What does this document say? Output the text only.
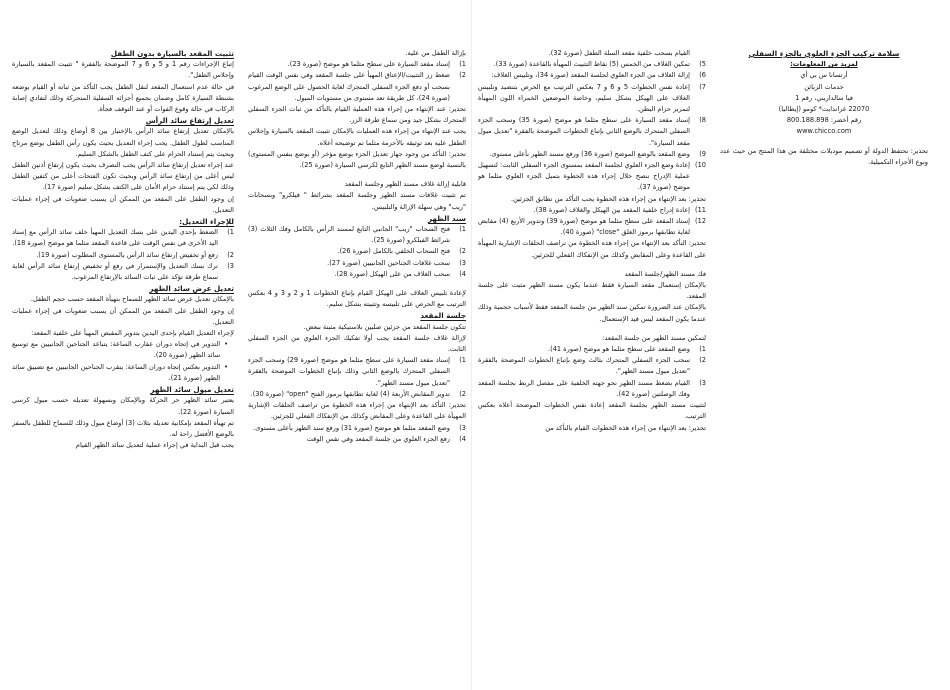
سلامة تركيب الجزء العلوي بالجزء السفلي

لمزيد من المعلومات:

أرتسانا س بي أي

خدمات الزبائن

فيا سالداريني، رقم 1

22070 غراندايت* كومو (إيطاليا)

رقم أخضر: 800.188.898

www.chicco.com

تحذير: تحتفظ الدولة أو تصميم موديلات مختلفة من هذا المنتج من حيث عدد ونوع الأجزاء التكميلية.

القيام بسحب خلفية مقعد السلة الطفل (صورة 32).
5)
تمكين الغلاف من الخمس (5) نقاط التثبيت المهيأة بالقاعدة (صورة 33).
6)
إزالة الغلاف من الجزء العلوي لجلسة المقعد (صورة 34)، وتلبيس الغلاف:
7)
إعادة نفس الخطوات 5 و 6 و 7 بعكس الترتيب مع الحرص بتنضيد وتلبيس الغلاف على الهيكل بشكل سليم، وخاصة الموضعين الخمراء اللون المهيأة لتمرير حزام البطن.
8)
إسناد مقعد السيارة على سطح مثلما هو موضح (صورة 35) وسحب الجزء السفلي المتحرك بالوضع الثاني بإتباع الخطوات الموضحة بالفقرة "تعديل ميول مقعد السيارة".
9)
وضع المقعد بالوضع الموضح (صورة 36) ورفع مسند الظهر بأعلى مستوى.
10)
إعادة وضع الجزء العلوي لجلسة المقعد بمستوى الجزء السفلي الثابت: لتسهيل عملية الإدراج ننصح خلال إجراء هذه الخطوة بتميل الجزء العلوي مثلما هو موضح (صورة 37).

تحذير: بعد الإنتهاء من إجراء هذه الخطوة يجب التأكد من تطابق الجزئين.

11)
إعادة إدراج خلفية المقعد بين الهيكل والغلاف (صورة 38).
12)
إسناد المقعد على سطح مثلما هو موضح (صورة 39) وتدوير الأربع (4) مقابض لغاية تطابقها برموز الغلق "close" (صورة 40).

تحذير: التأكد بعد الإنتهاء من إجراء هذه الخطوة من تراصف الحلقات الإشارية المهيأة على القاعدة وعلى المقابض وكذلك من الإنفكاك الفعلي للجزئين.

فك مسند الظهر/جلسة المقعد

بالإمكان إستعمال مقعد السيارة فقط عندما يكون مسند الظهر مثبت على جلسة المقعد.

بالإمكان عند الضرورة تمكين سند الظهر من جلسة المقعد فقط لأسباب حجمية وذلك عندما يكون المقعد ليس قيد الإستعمال.

لتمكين مسند الظهر من جلسة المقعد:

1)
وضع المقعد على سطح مثلما هو موضح (صورة 41).
2)
سحب الجزء السفلي المتحرك بثالث وضع بإتباع الخطوات الموضحة بالفقرة "تعديل ميول مسند الظهر".
3)
القيام بضغط مسند الظهر نحو جهته الخلفية على مفصل الربط بجلسة المقعد وفك الوصلتين (صورة 42).

لتثبيت مسند الظهر بجلسة المقعد إعادة نفس الخطوات الموضحة أعلاه بعكس الترتيب.

تحذير: بعد الإنتهاء من إجراء هذه الخطوات القيام بالتأكد من

بإزالة الطفل من عليه.

1)
إسناد مقعد السيارة على سطح مثلما هو موضح (صورة 23).
2)
ضغط زر التثبيت/الإعتاق المهيأ على جلسة المقعد وفي نفس الوقت القيام بسحب أو دفع الجزء السفلي المتحرك لغاية الحصول على الوضع المرغوب (صورة 24)، كل طريقة تعد مستوى من مستويات الميول.

تحذير: عند الإنتهاء من إجراء هذه العملية القيام بالتأكد من ثبات الجزء السفلي المتحرك بشكل جيد ومن سماع طرقة الزر.

يجب عند الإنتهاء من إجراء هذه العمليات بالإمكان تثبيت المقعد بالسيارة وإجلاس الطفل عليه بعد توثيقه بالأحزمة مثلما تم توضيحه أعلاه.

تحذير: التأكد من وجود جهاز تعديل الجزء بوضع مؤخر (أو بوضع بنفس المستوى) بالنسبة لوضع مسند الظهر التابع لكرسي السيارة (صورة 25).

قابلية إزالة غلاف مسند الظهر وجلسة المقعد

تم تثبيت غلافات مسند الظهر وجلسة المقعد بشرائط " فيلكرو" وبسحابات "زيب" وهي سهلة الإزالة والتلبيس.

سند الظهر

1)
فتح السحاب "زيب" الجانبي التابع لمسند الرأس بالكامل وفك الثلاث (3) شرائط الفيلكرو (صورة 25).
2)
فتح السحاب الخلفي بالكامل (صورة 26).
3)
سحب غلافات الجناحين الجانبيين (صورة 27).
4)
سحب الغلاف من على الهيكل (صورة 28).

لإعادة تلبيس الغلاف على الهيكل القيام بإتباع الخطوات 1 و 2 و 3 و 4 بعكس الترتيب مع الحرص على تلبيسه وتثبيته بشكل سليم.

جلسة المقعد

تتكون جلسة المقعد من جزئين صلبين بلاستيكية مثبتة ببعض.

لإزالة غلاف جلسة المقعد يجب أولا تفكيك الجزء العلوي من الجزء السفلي الثابت.

1)
إسناد مقعد السيارة على سطح مثلما هو موضح (صورة 29) وسحب الجزء السفلي المتحرك بالوضع الثاني وذلك بإتباع الخطوات الموضحة بالفقرة "تعديل ميول مسند الظهر".
2)
تدوير المقابض الأربعة (4) لغاية تطابقها برموز الفتح "open" (صورة 30).

تحذير: التأكد بعد الإنتهاء من إجراء هذه الخطوة من تراصف الحلقات الإشارية المهيأة على القاعدة وعلى المقابض وكذلك من الإنفكاك الفعلي للجزئين.

3)
وضع المقعد مثلما هو موضح (صورة 31) ورفع سند الظهر بأعلى مستوى.
4)
رفع الجزء العلوي من جلسة المقعد وفي نفس الوقت

تثبيت المقعد بالسيارة بدون الطفل

إتباع الإجراءات رقم 1 و 5 و 6 و 7 الموضحة بالفقرة " تثبيت المقعد بالسيارة وإجلاس الطفل".

في حالة عدم استعمال المقعد لنقل الطفل يجب التأكد من ثباته أو القيام بوضعه بشنطة السيارة كامل وضمان بجميع أجزائه السفلية المتحركة وذلك لتفادي إصابة الركاب في حالة وقوع الفوات أو عند التوقف فجأة.

تعديل إرتفاع سائد الرأس

بالإمكان تعديل إرتفاع سائد الرأس بالإختيار بين 8 أوضاع وذلك لتعديل الوضع المناسب لطول الطفل. يجب إجراء التعديل بحيث يكون رأس الطفل بوضع مرتاح وبحيث يتم إستناد الحزام على كتف الطفل بالشكل السليم.

عند إجراء تعديل إرتفاع سائد الرأس يجب التصرف بحيث يكون إرتفاع أذنين الطفل ليس أعلى من إرتفاع سائد الرأس وبحيث تكون الفتحات أعلى من كتفين الطفل وذلك لكي يتم إستناد حزام الأمان على الكتف بشكل سليم (صورة 17).

إن وجود الطفل على المقعد من الممكن أن يسبب صعوبات في إجراء عمليات التعديل.

للإجراء التعديل:

1)
الضغط بإحدى اليدين على بسك التعديل المهيأ خلف سائد الرأس مع إسناد اليد الأخرى في نفس الوقت على قاعدة المقعد مثلما هو موضح (صورة 18).
2)
رفع أو تخفيض إرتفاع سائد الرأس بالمستوى المطلوب (صورة 19).
3)
ترك بسك التعديل والإستمرار في رفع أو تخفيض إرتفاع سائد الرأس لغاية سماع طرقة تؤكد على ثبات السائد بالإرتفاع المرغوب.

تعديل عرض سائد الظهر

بالإمكان تعديل عرض سائد الظهر للسماح بتهيأة المقعد حسب حجم الطفل.

إن وجود الطفل على المقعد من الممكن أن يسبب صعوبات في إجراء عمليات التعديل.

لإجراء التعديل القيام بإحدى اليدين بتدوير المقبض المهيأ على خلفية المقعد:

•
التدوير في إتجاه دوران عقارب الساعة: يتباعد الجناحين الجانبيين مع توسيع سائد الظهر (صورة 20).
•
التدوير بعكس إتجاه دوران الساعة: يتقرب الجناحين الجانبيين مع تضييق سائد الظهر (صورة 21).

تعديل ميول سائد الظهر

يعتبر سائد الظهر حر الحركة وبالإمكان وبسهولة تعديله حسب ميول كرسي السيارة (صورة 22).

تم تهيأة المقعد بإمكانية تعديله بثلاث (3) أوضاع ميول وذلك للسماح للطفل بالسفر بالوضع الأفضل راحة له.

يجب قبل البداية في إجراء عملية لتعديل سائد الظهر القيام
